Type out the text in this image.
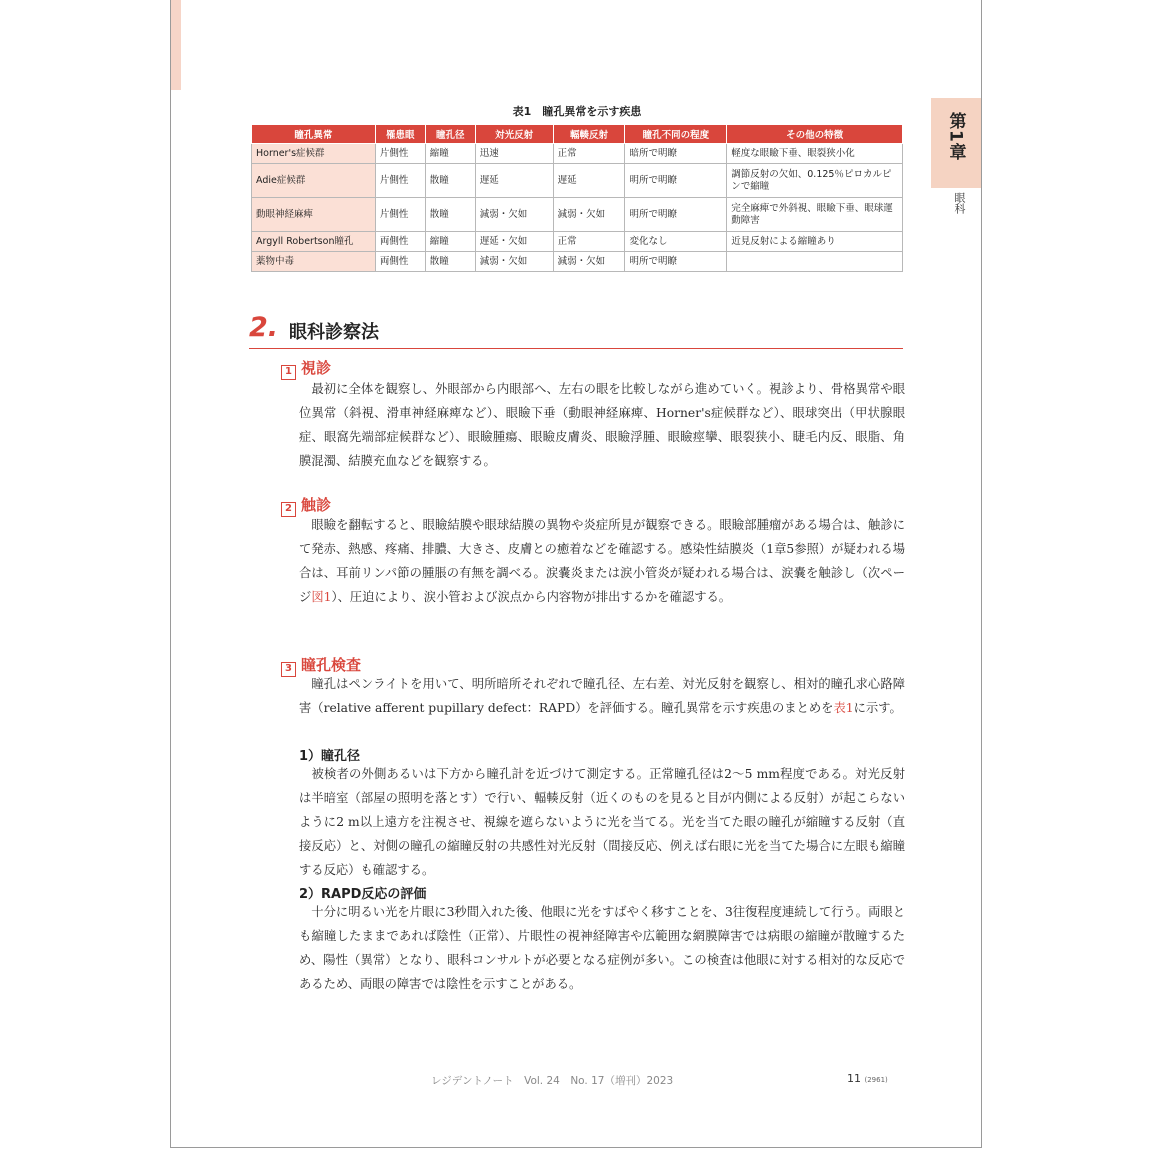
第1章
眼科
表1　瞳孔異常を示す疾患
瞳孔異常	罹患眼	瞳孔径	対光反射	輻輳反射	瞳孔不同の程度	その他の特徴
Horner's症候群	片側性	縮瞳	迅速	正常	暗所で明瞭	軽度な眼瞼下垂、眼裂狭小化
Adie症候群	片側性	散瞳	遅延	遅延	明所で明瞭	調節反射の欠如、0.125％ピロカルピンで縮瞳
動眼神経麻痺	片側性	散瞳	減弱・欠如	減弱・欠如	明所で明瞭	完全麻痺で外斜視、眼瞼下垂、眼球運動障害
Argyll Robertson瞳孔	両側性	縮瞳	遅延・欠如	正常	変化なし	近見反射による縮瞳あり
薬物中毒	両側性	散瞳	減弱・欠如	減弱・欠如	明所で明瞭	
2. 眼科診察法
1 視診
　最初に全体を観察し、外眼部から内眼部へ、左右の眼を比較しながら進めていく。視診より、骨格異常や眼位異常（斜視、滑車神経麻痺など）、眼瞼下垂（動眼神経麻痺、Horner's症候群など）、眼球突出（甲状腺眼症、眼窩先端部症候群など）、眼瞼腫瘍、眼瞼皮膚炎、眼瞼浮腫、眼瞼痙攣、眼裂狭小、睫毛内反、眼脂、角膜混濁、結膜充血などを観察する。
2 触診
　眼瞼を翻転すると、眼瞼結膜や眼球結膜の異物や炎症所見が観察できる。眼瞼部腫瘤がある場合は、触診にて発赤、熱感、疼痛、排膿、大きさ、皮膚との癒着などを確認する。感染性結膜炎（1章5参照）が疑われる場合は、耳前リンパ節の腫脹の有無を調べる。涙嚢炎または涙小管炎が疑われる場合は、涙嚢を触診し（次ページ図1）、圧迫により、涙小管および涙点から内容物が排出するかを確認する。
3 瞳孔検査
　瞳孔はペンライトを用いて、明所暗所それぞれで瞳孔径、左右差、対光反射を観察し、相対的瞳孔求心路障害（relative afferent pupillary defect：RAPD）を評価する。瞳孔異常を示す疾患のまとめを表1に示す。
1）瞳孔径
　被検者の外側あるいは下方から瞳孔計を近づけて測定する。正常瞳孔径は2～5 mm程度である。対光反射は半暗室（部屋の照明を落とす）で行い、輻輳反射（近くのものを見ると目が内側による反射）が起こらないように2 m以上遠方を注視させ、視線を遮らないように光を当てる。光を当てた眼の瞳孔が縮瞳する反射（直接反応）と、対側の瞳孔の縮瞳反射の共感性対光反射（間接反応、例えば右眼に光を当てた場合に左眼も縮瞳する反応）も確認する。
2）RAPD反応の評価
　十分に明るい光を片眼に3秒間入れた後、他眼に光をすばやく移すことを、3往復程度連続して行う。両眼とも縮瞳したままであれば陰性（正常）、片眼性の視神経障害や広範囲な網膜障害では病眼の縮瞳が散瞳するため、陽性（異常）となり、眼科コンサルトが必要となる症例が多い。この検査は他眼に対する相対的な反応であるため、両眼の障害では陰性を示すことがある。
レジデントノート　Vol. 24　No. 17（増刊）2023	11 (2961)
